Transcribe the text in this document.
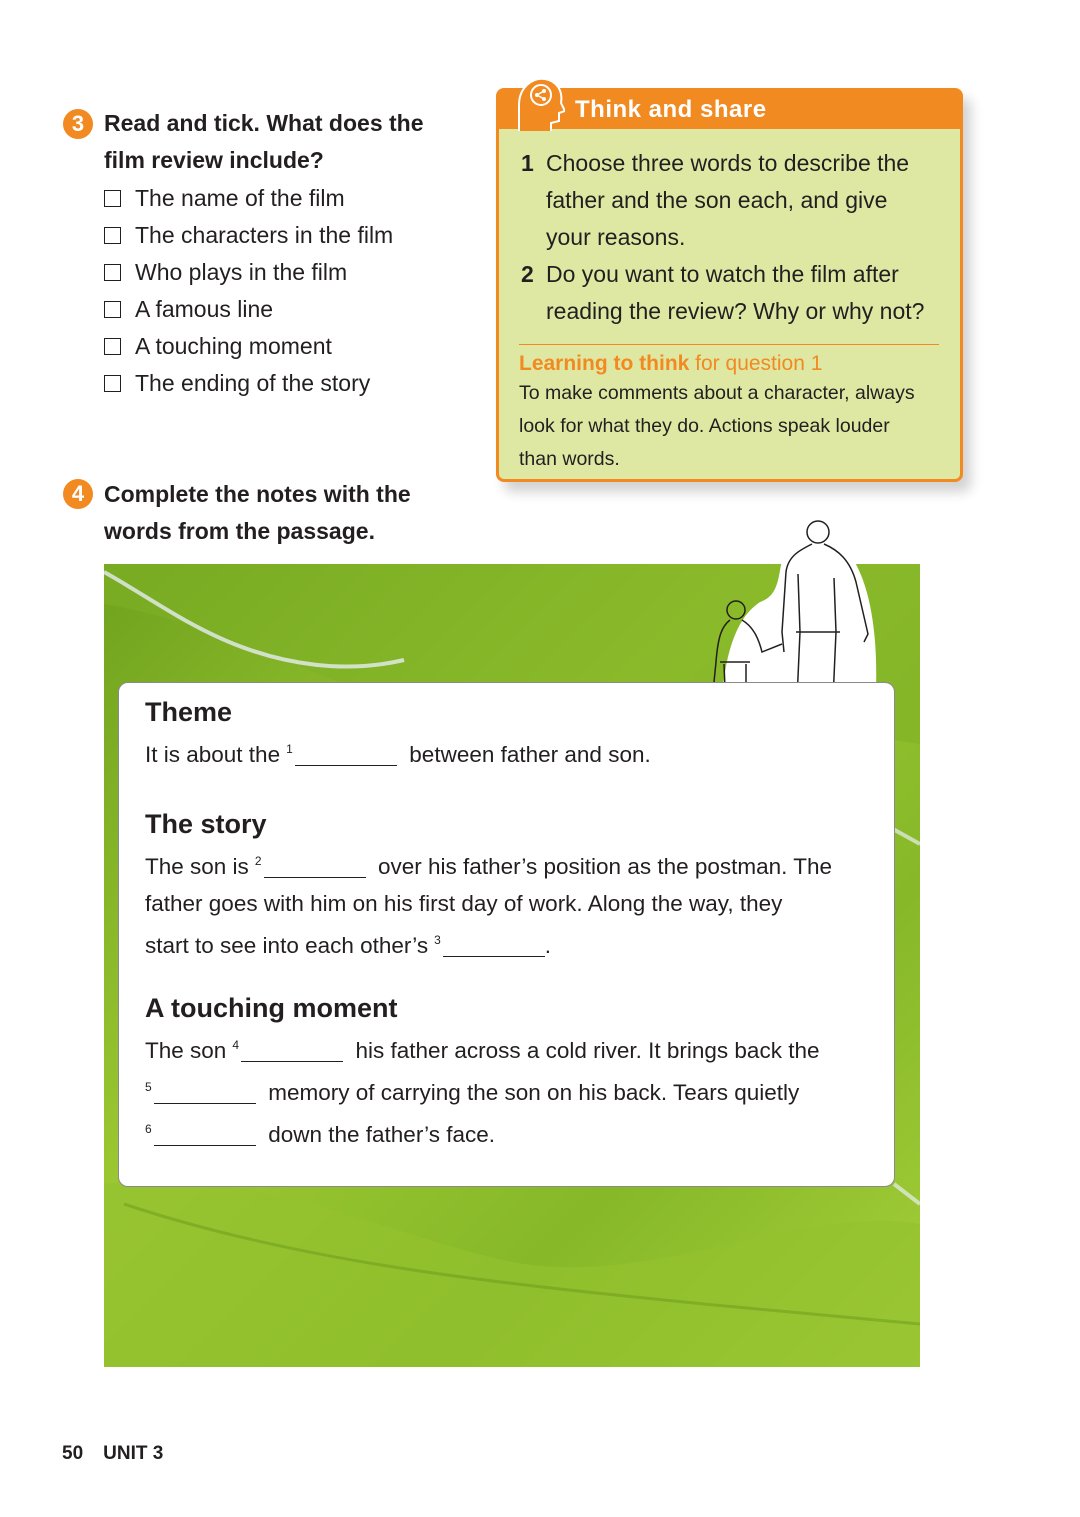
3 Read and tick. What does the
film review include?
The name of the film
The characters in the film
Who plays in the film
A famous line
A touching moment
The ending of the story
Think and share
1 Choose three words to describe the
father and the son each, and give
your reasons.
2 Do you want to watch the film after
reading the review? Why or why not?
Learning to think for question 1
To make comments about a character, always
look for what they do. Actions speak louder
than words.
4 Complete the notes with the
words from the passage.
Theme
It is about the $^1$	between father and son.
The story
The son is $^2$	over his father’s position as the postman. The
father goes with him on his first day of work. Along the way, they
start to see into each other’s $^3$	.
A touching moment
The son $^4$	his father across a cold river. It brings back the
$^5$	memory of carrying the son on his back. Tears quietly
$^6$	down the father’s face.
50 UNIT 3
